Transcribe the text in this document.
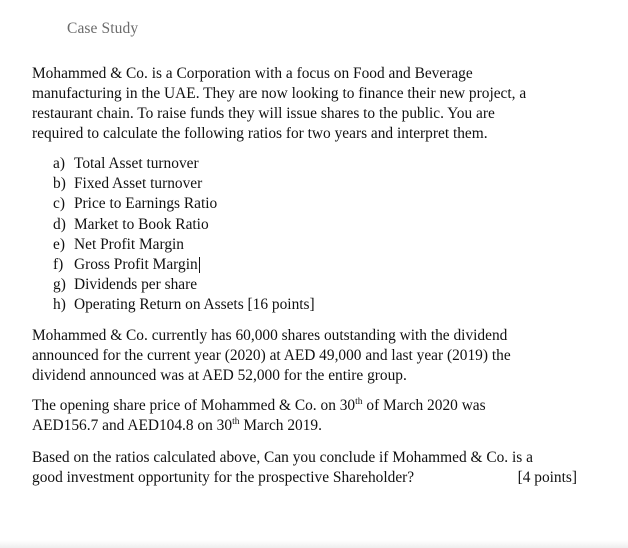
Case Study

Mohammed & Co. is a Corporation with a focus on Food and Beverage
manufacturing in the UAE. They are now looking to finance their new project, a
restaurant chain. To raise funds they will issue shares to the public. You are
required to calculate the following ratios for two years and interpret them.

a) Total Asset turnover
b) Fixed Asset turnover
c) Price to Earnings Ratio
d) Market to Book Ratio
e) Net Profit Margin
f) Gross Profit Margin
g) Dividends per share
h) Operating Return on Assets [16 points]

Mohammed & Co. currently has 60,000 shares outstanding with the dividend
announced for the current year (2020) at AED 49,000 and last year (2019) the
dividend announced was at AED 52,000 for the entire group.

The opening share price of Mohammed & Co. on 30th of March 2020 was
AED156.7 and AED104.8 on 30th March 2019.

Based on the ratios calculated above, Can you conclude if Mohammed & Co. is a

good investment opportunity for the prospective Shareholder?	[4 points]
